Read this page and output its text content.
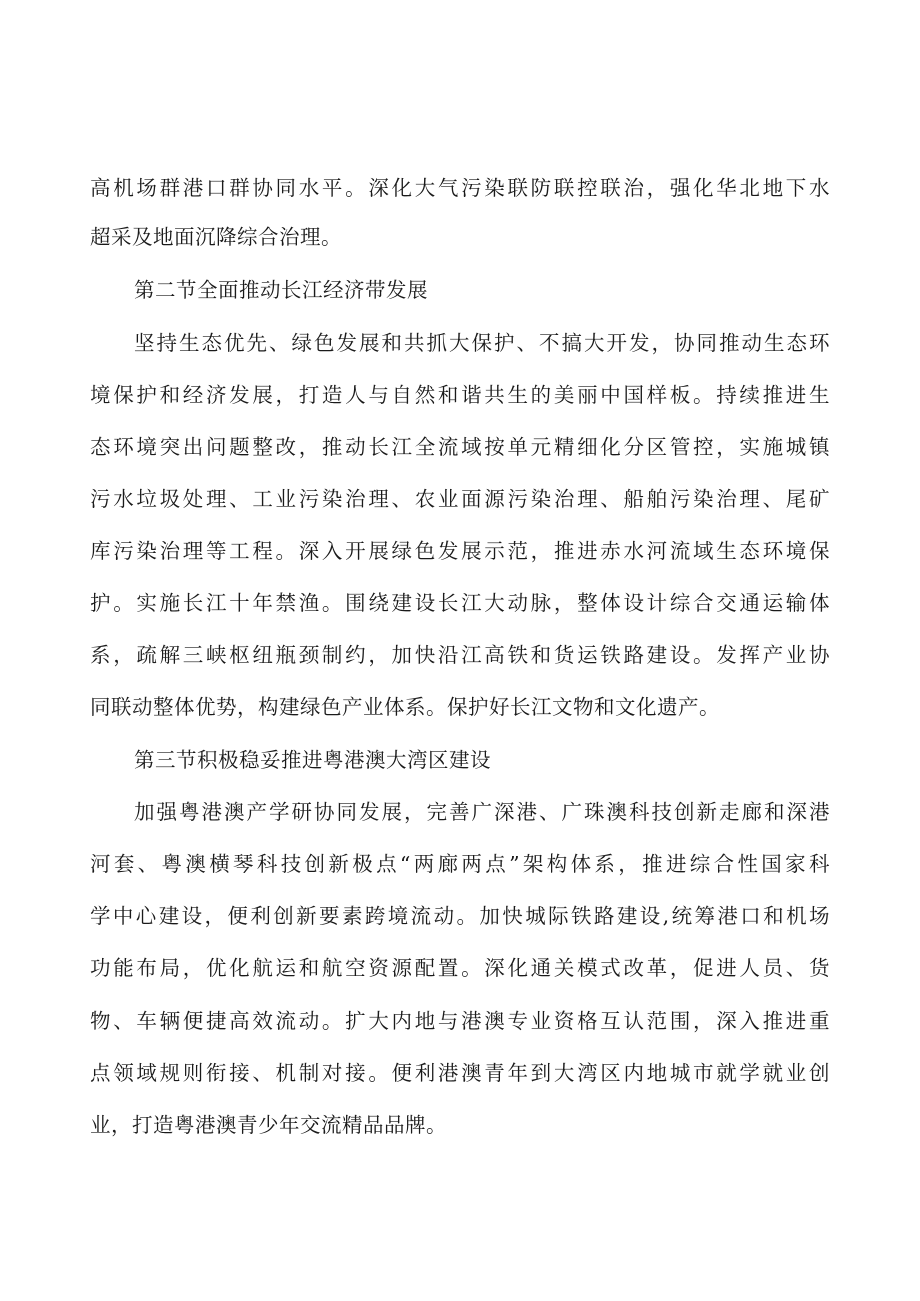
高机场群港口群协同水平。深化大气污染联防联控联治，强化华北地下水
超采及地面沉降综合治理。
第二节全面推动长江经济带发展
坚持生态优先、绿色发展和共抓大保护、不搞大开发，协同推动生态环
境保护和经济发展，打造人与自然和谐共生的美丽中国样板。持续推进生
态环境突出问题整改，推动长江全流域按单元精细化分区管控，实施城镇
污水垃圾处理、工业污染治理、农业面源污染治理、船舶污染治理、尾矿
库污染治理等工程。深入开展绿色发展示范，推进赤水河流域生态环境保
护。实施长江十年禁渔。围绕建设长江大动脉，整体设计综合交通运输体
系，疏解三峡枢纽瓶颈制约，加快沿江高铁和货运铁路建设。发挥产业协
同联动整体优势，构建绿色产业体系。保护好长江文物和文化遗产。
第三节积极稳妥推进粤港澳大湾区建设
加强粤港澳产学研协同发展，完善广深港、广珠澳科技创新走廊和深港
河套、粤澳横琴科技创新极点“两廊两点”架构体系，推进综合性国家科
学中心建设，便利创新要素跨境流动。加快城际铁路建设,统筹港口和机场
功能布局，优化航运和航空资源配置。深化通关模式改革，促进人员、货
物、车辆便捷高效流动。扩大内地与港澳专业资格互认范围，深入推进重
点领域规则衔接、机制对接。便利港澳青年到大湾区内地城市就学就业创
业，打造粤港澳青少年交流精品品牌。
